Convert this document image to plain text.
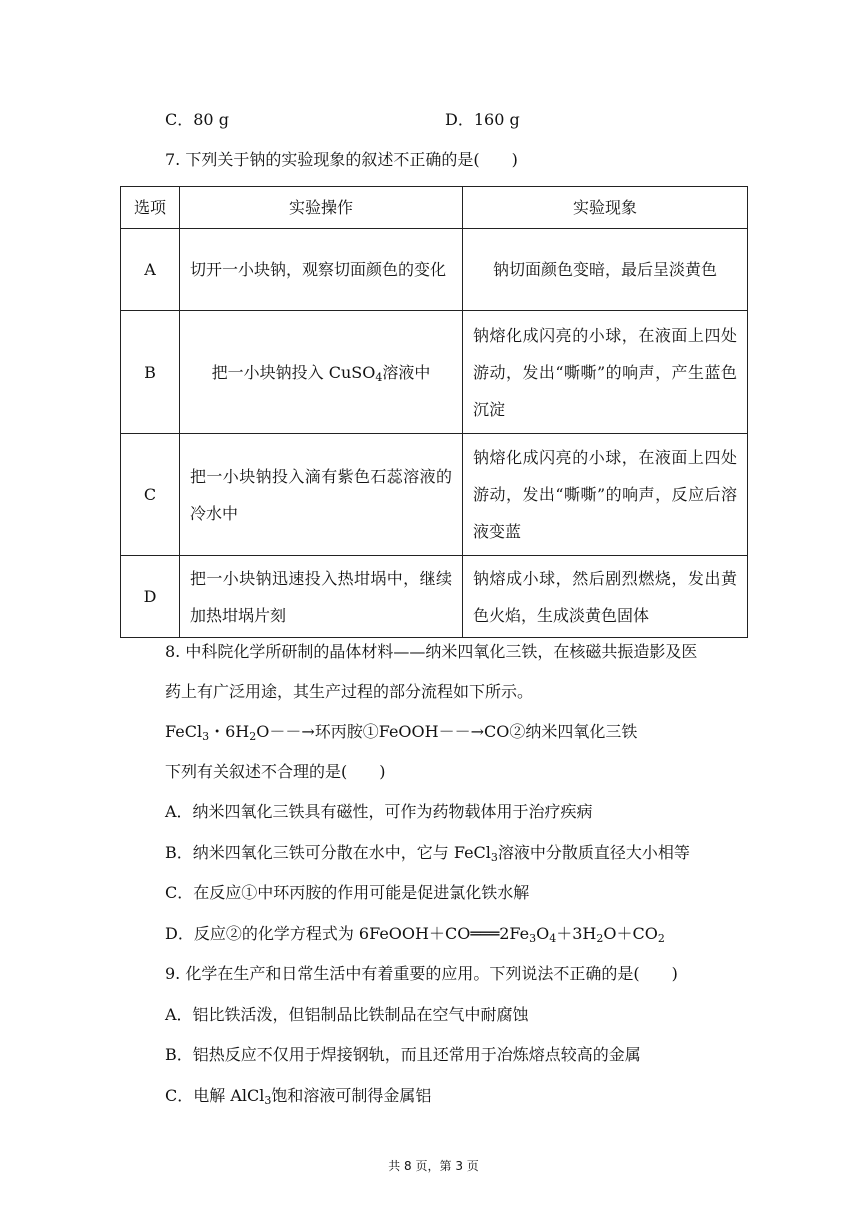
C．80 g	D．160 g
7. 下列关于钠的实验现象的叙述不正确的是(　　)
选项	实验操作	实验现象
A	切开一小块钠，观察切面颜色的变化	钠切面颜色变暗，最后呈淡黄色
B	把一小块钠投入 CuSO$_4$溶液中	钠熔化成闪亮的小球，在液面上四处游动，发出“嘶嘶”的响声，产生蓝色沉淀
C	把一小块钠投入滴有紫色石蕊溶液的冷水中	钠熔化成闪亮的小球，在液面上四处游动，发出“嘶嘶”的响声，反应后溶液变蓝
D	把一小块钠迅速投入热坩埚中，继续加热坩埚片刻	钠熔成小球，然后剧烈燃烧，发出黄色火焰，生成淡黄色固体
8. 中科院化学所研制的晶体材料——纳米四氧化三铁，在核磁共振造影及医
药上有广泛用途，其生产过程的部分流程如下所示。
FeCl$_3$・$6H_2O--\to$环丙胺①FeOOH－－→CO②纳米四氧化三铁
下列有关叙述不合理的是(　　)
A．纳米四氧化三铁具有磁性，可作为药物载体用于治疗疾病
B．纳米四氧化三铁可分散在水中，它与 FeCl$_3$溶液中分散质直径大小相等
C．在反应①中环丙胺的作用可能是促进氯化铁水解
D．反应②的化学方程式为 $6FeOOH+CO═══2Fe_3O_4+3H_2O+CO_2$
9. 化学在生产和日常生活中有着重要的应用。下列说法不正确的是(　　)
A．铝比铁活泼，但铝制品比铁制品在空气中耐腐蚀
B．铝热反应不仅用于焊接钢轨，而且还常用于冶炼熔点较高的金属
C．电解 AlCl$_3$饱和溶液可制得金属铝
共 8 页，第 3 页
